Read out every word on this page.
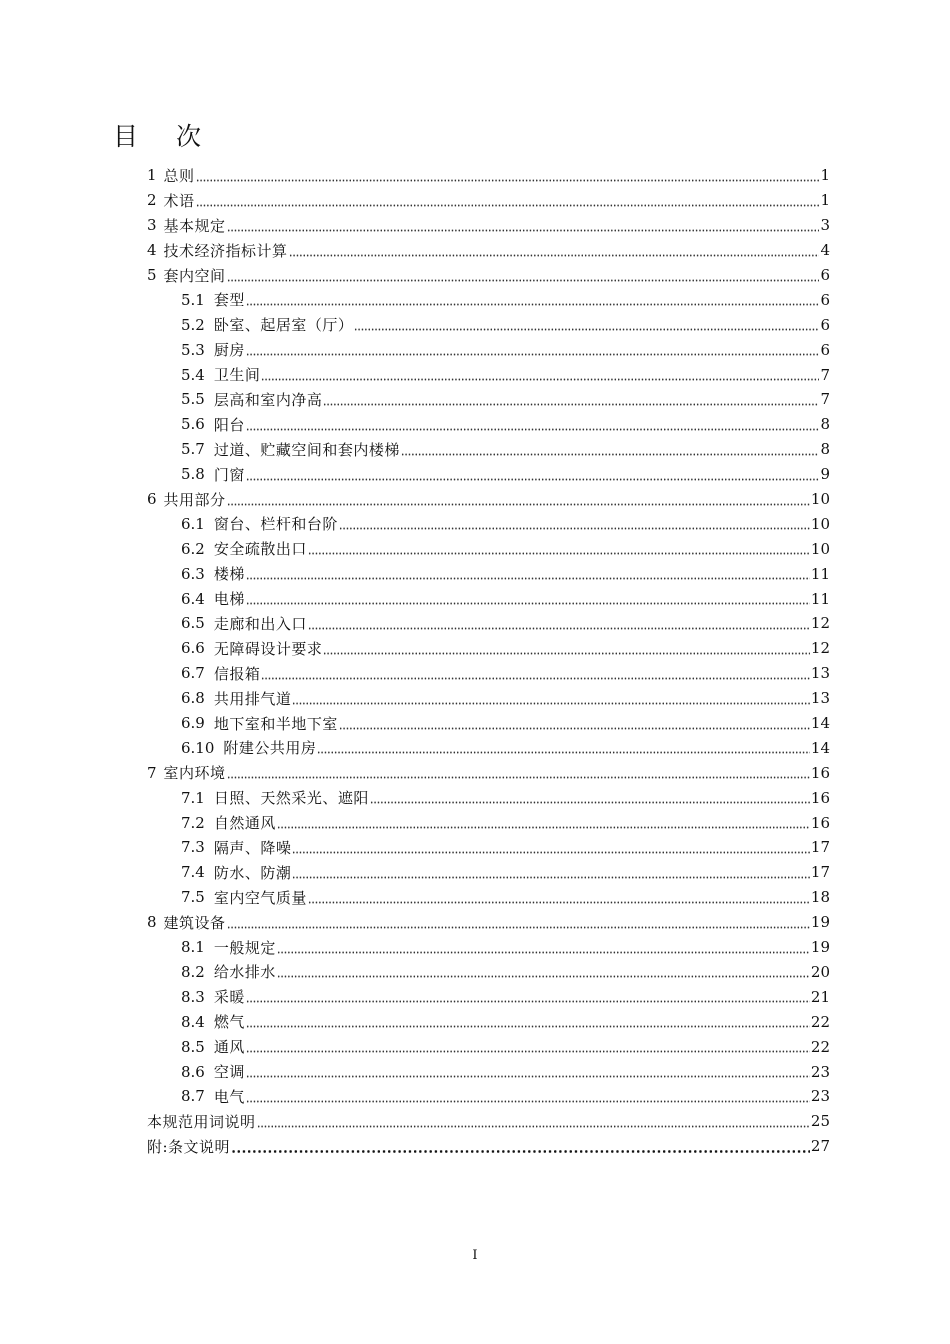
目 次
1 总则	1
2 术语	1
3 基本规定	3
4 技术经济指标计算	4
5 套内空间	6
5.1 套型	6
5.2 卧室、起居室（厅）	6
5.3 厨房	6
5.4 卫生间	7
5.5 层高和室内净高	7
5.6 阳台	8
5.7 过道、贮藏空间和套内楼梯	8
5.8 门窗	9
6 共用部分	10
6.1 窗台、栏杆和台阶	10
6.2 安全疏散出口	10
6.3 楼梯	11
6.4 电梯	11
6.5 走廊和出入口	12
6.6 无障碍设计要求	12
6.7 信报箱	13
6.8 共用排气道	13
6.9 地下室和半地下室	14
6.10 附建公共用房	14
7 室内环境	16
7.1 日照、天然采光、遮阳	16
7.2 自然通风	16
7.3 隔声、降噪	17
7.4 防水、防潮	17
7.5 室内空气质量	18
8 建筑设备	19
8.1 一般规定	19
8.2 给水排水	20
8.3 采暖	21
8.4 燃气	22
8.5 通风	22
8.6 空调	23
8.7 电气	23
本规范用词说明	25
附:条文说明	27

I
